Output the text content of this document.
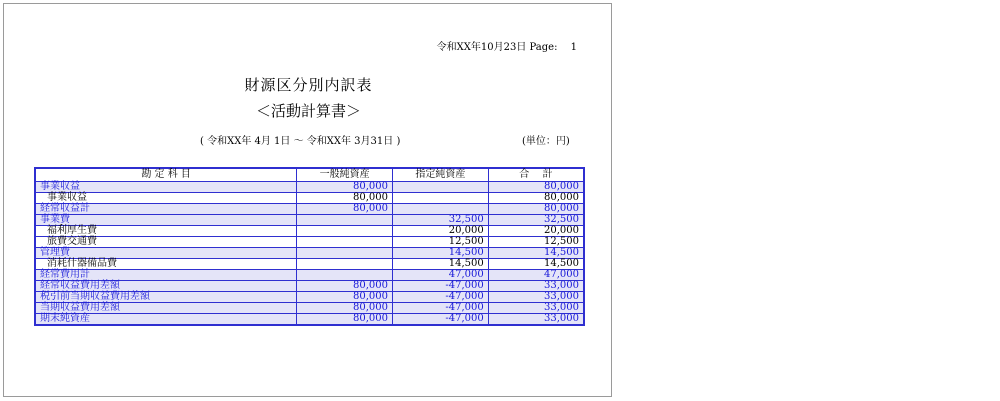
令和XX年10月23日 Page:　 1
財源区分別内訳表
＜活動計算書＞
( 令和XX年 4月 1日 ～ 令和XX年 3月31日 )	(単位：円)
勘 定 科 目	一般純資産	指定純資産	合　 計
事業収益	80,000		80,000
事業収益	80,000		80,000
経常収益計	80,000		80,000
事業費		32,500	32,500
福利厚生費		20,000	20,000
旅費交通費		12,500	12,500
管理費		14,500	14,500
消耗什器備品費		14,500	14,500
経常費用計		47,000	47,000
経常収益費用差額	80,000	-47,000	33,000
税引前当期収益費用差額	80,000	-47,000	33,000
当期収益費用差額	80,000	-47,000	33,000
期末純資産	80,000	-47,000	33,000
